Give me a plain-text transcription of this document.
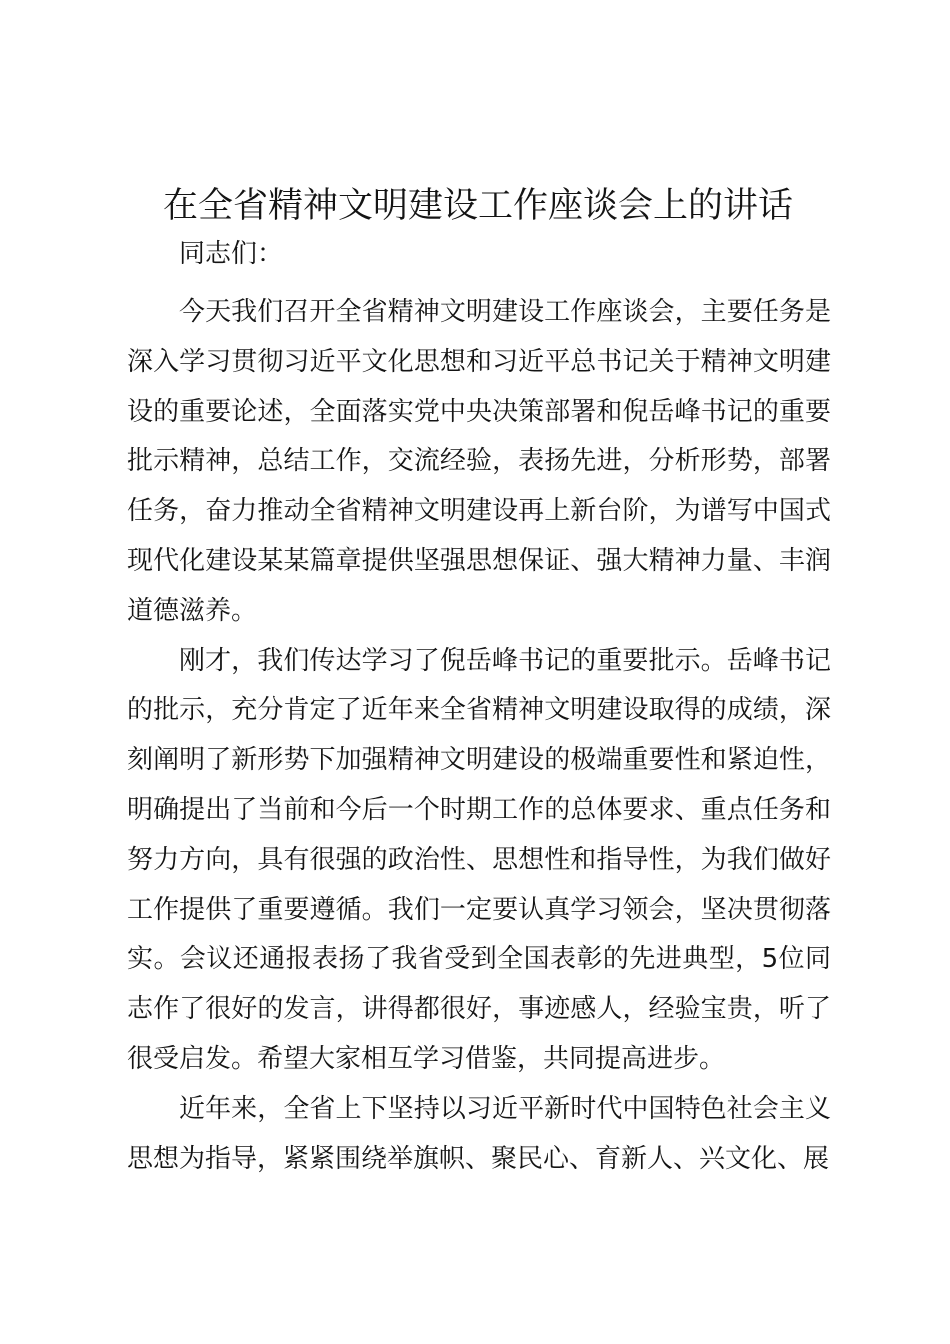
在全省精神文明建设工作座谈会上的讲话

同志们：

今天我们召开全省精神文明建设工作座谈会，主要任务是深入学习贯彻习近平文化思想和习近平总书记关于精神文明建设的重要论述，全面落实党中央决策部署和倪岳峰书记的重要批示精神，总结工作，交流经验，表扬先进，分析形势，部署任务，奋力推动全省精神文明建设再上新台阶，为谱写中国式现代化建设某某篇章提供坚强思想保证、强大精神力量、丰润道德滋养。

刚才，我们传达学习了倪岳峰书记的重要批示。岳峰书记的批示，充分肯定了近年来全省精神文明建设取得的成绩，深刻阐明了新形势下加强精神文明建设的极端重要性和紧迫性，明确提出了当前和今后一个时期工作的总体要求、重点任务和努力方向，具有很强的政治性、思想性和指导性，为我们做好工作提供了重要遵循。我们一定要认真学习领会，坚决贯彻落实。会议还通报表扬了我省受到全国表彰的先进典型，5位同志作了很好的发言，讲得都很好，事迹感人，经验宝贵，听了很受启发。希望大家相互学习借鉴，共同提高进步。

近年来，全省上下坚持以习近平新时代中国特色社会主义思想为指导，紧紧围绕举旗帜、聚民心、育新人、兴文化、展
